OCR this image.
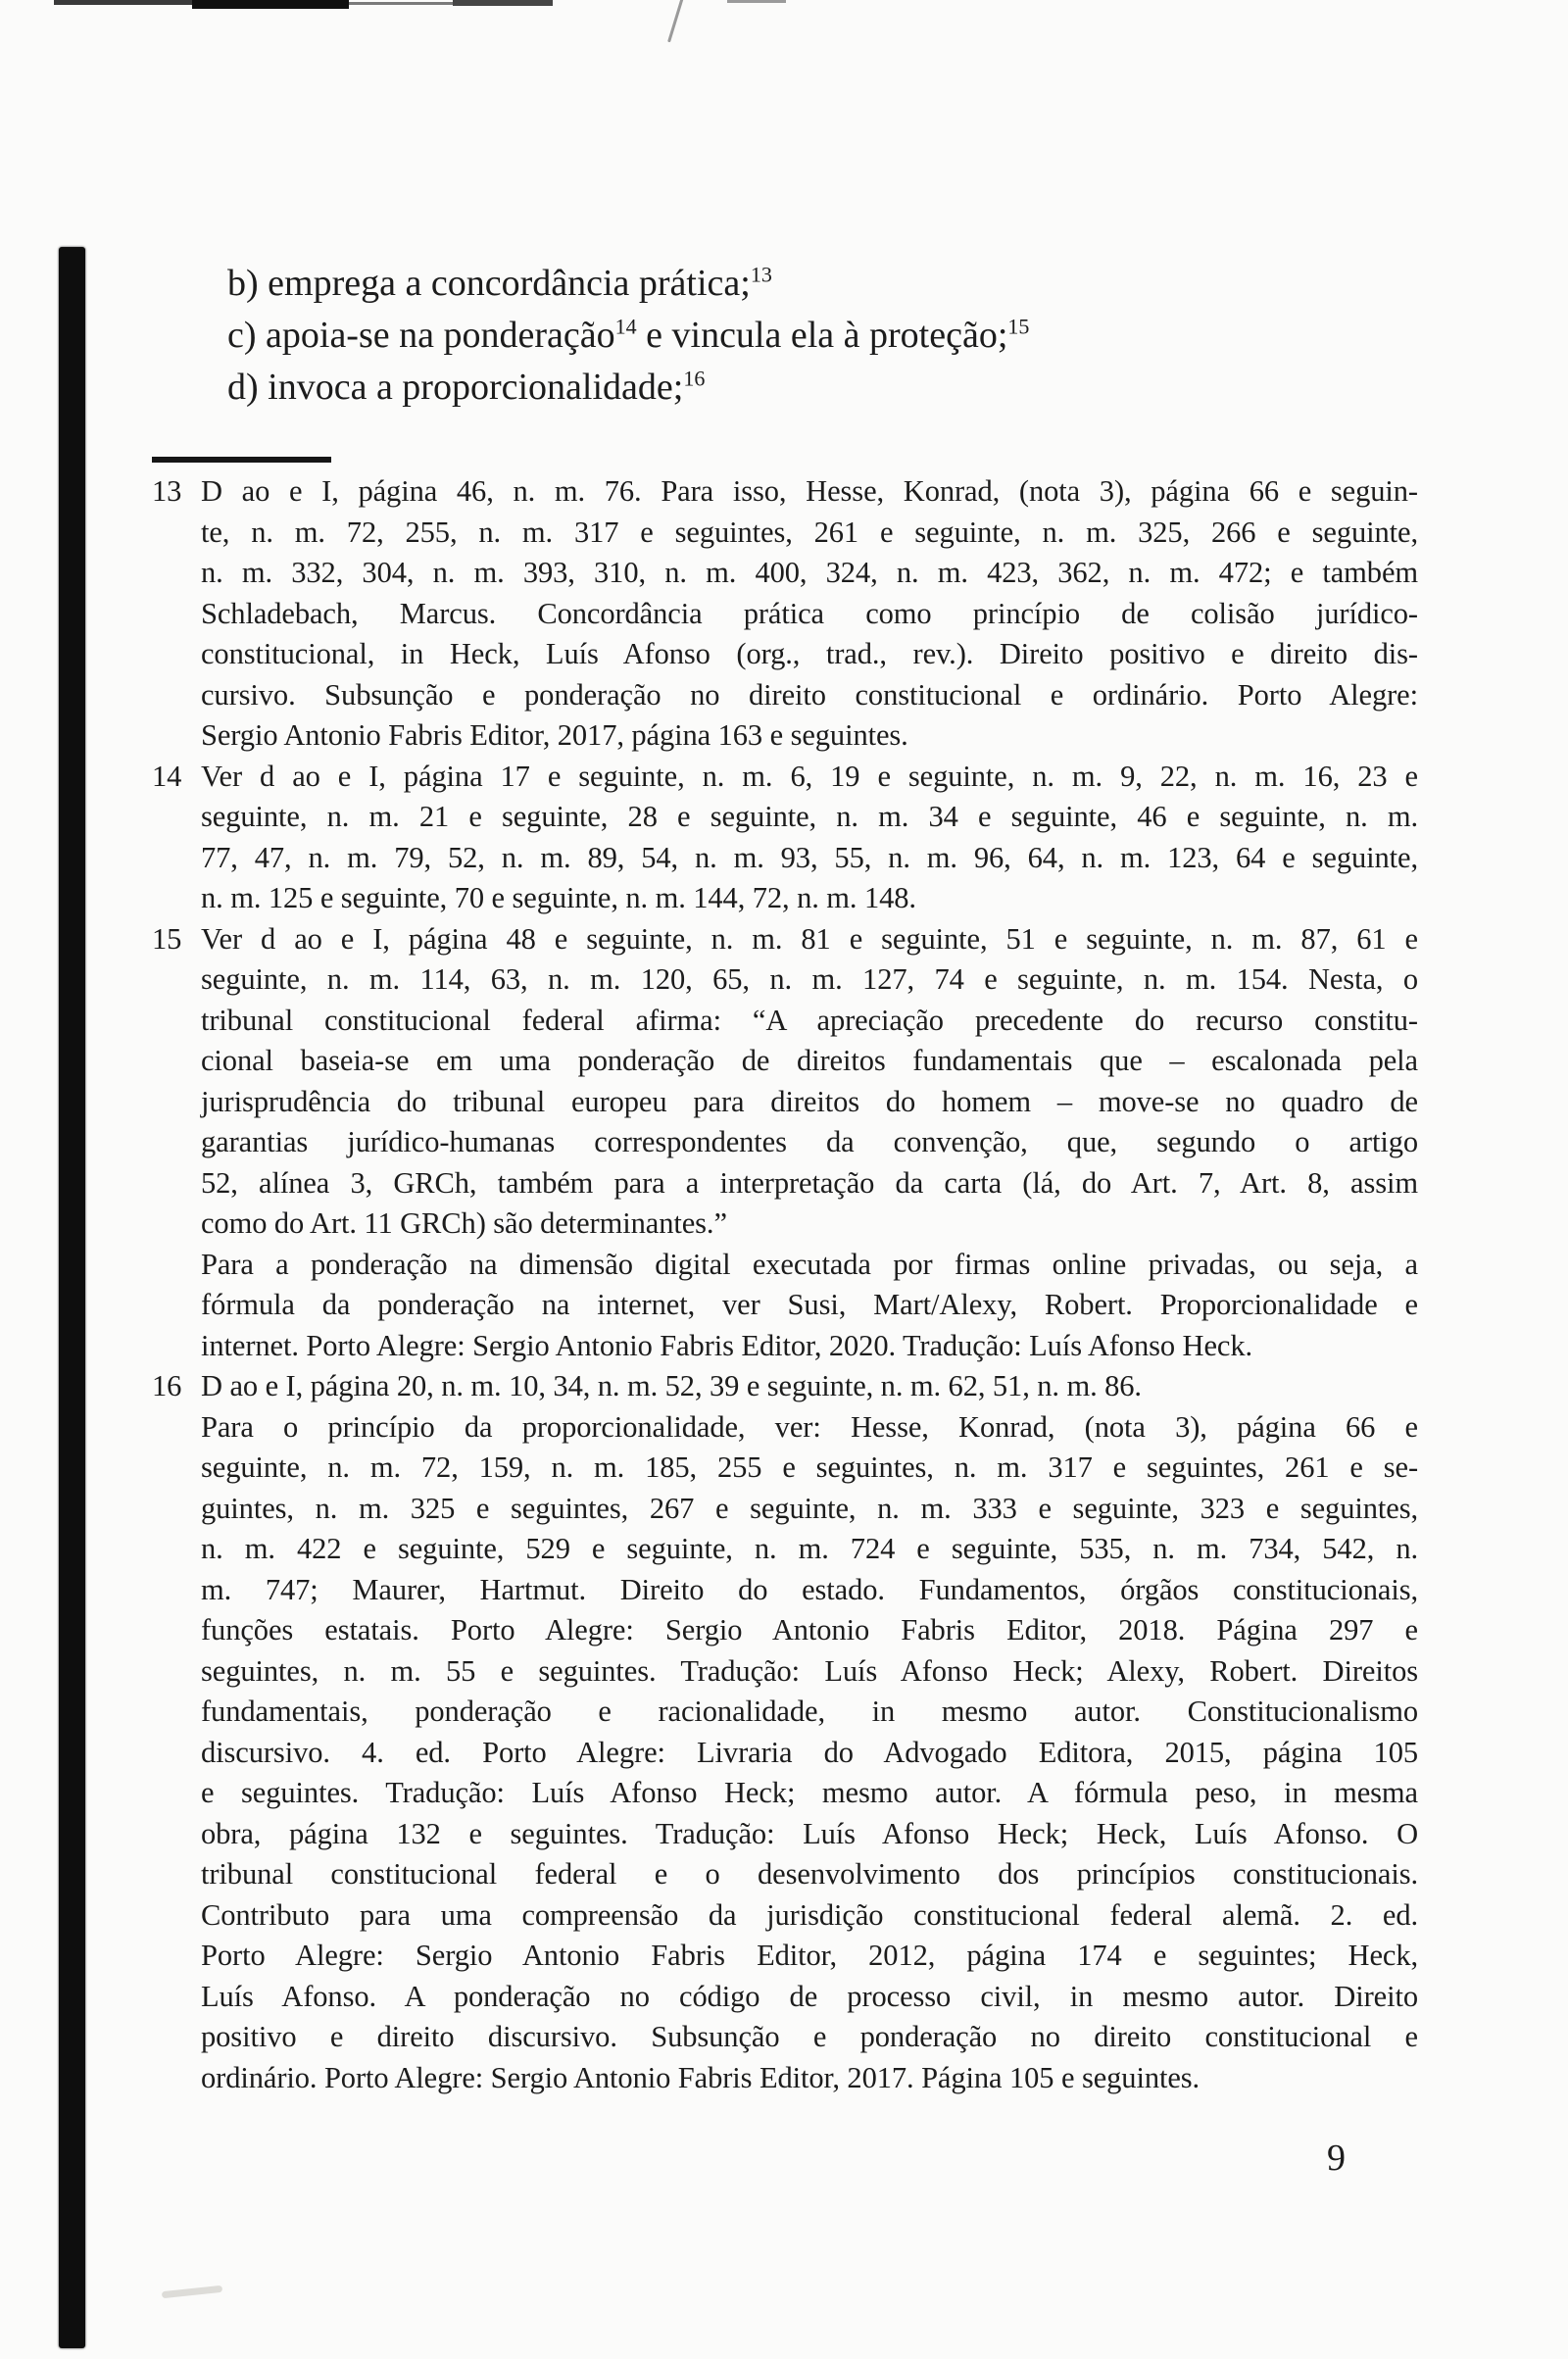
b) emprega a concordância prática;$^{13}$
c) apoia-se na ponderação$^{14}$ e vincula ela à proteção;$^{15}$
d) invoca a proporcionalidade;$^{16}$
13 D ao e I, página 46, n. m. 76. Para isso, Hesse, Konrad, (nota 3), página 66 e seguin-
te, n. m. 72, 255, n. m. 317 e seguintes, 261 e seguinte, n. m. 325, 266 e seguinte,
n. m. 332, 304, n. m. 393, 310, n. m. 400, 324, n. m. 423, 362, n. m. 472; e também
Schladebach, Marcus. Concordância prática como princípio de colisão jurídico-
constitucional, in Heck, Luís Afonso (org., trad., rev.). Direito positivo e direito dis-
cursivo. Subsunção e ponderação no direito constitucional e ordinário. Porto Alegre:
Sergio Antonio Fabris Editor, 2017, página 163 e seguintes.
14 Ver d ao e I, página 17 e seguinte, n. m. 6, 19 e seguinte, n. m. 9, 22, n. m. 16, 23 e
seguinte, n. m. 21 e seguinte, 28 e seguinte, n. m. 34 e seguinte, 46 e seguinte, n. m.
77, 47, n. m. 79, 52, n. m. 89, 54, n. m. 93, 55, n. m. 96, 64, n. m. 123, 64 e seguinte,
n. m. 125 e seguinte, 70 e seguinte, n. m. 144, 72, n. m. 148.
15 Ver d ao e I, página 48 e seguinte, n. m. 81 e seguinte, 51 e seguinte, n. m. 87, 61 e
seguinte, n. m. 114, 63, n. m. 120, 65, n. m. 127, 74 e seguinte, n. m. 154. Nesta, o
tribunal constitucional federal afirma: “A apreciação precedente do recurso constitu-
cional baseia-se em uma ponderação de direitos fundamentais que – escalonada pela
jurisprudência do tribunal europeu para direitos do homem – move-se no quadro de
garantias jurídico-humanas correspondentes da convenção, que, segundo o artigo
52, alínea 3, GRCh, também para a interpretação da carta (lá, do Art. 7, Art. 8, assim
como do Art. 11 GRCh) são determinantes.”
Para a ponderação na dimensão digital executada por firmas online privadas, ou seja, a
fórmula da ponderação na internet, ver Susi, Mart/Alexy, Robert. Proporcionalidade e
internet. Porto Alegre: Sergio Antonio Fabris Editor, 2020. Tradução: Luís Afonso Heck.
16 D ao e I, página 20, n. m. 10, 34, n. m. 52, 39 e seguinte, n. m. 62, 51, n. m. 86.
Para o princípio da proporcionalidade, ver: Hesse, Konrad, (nota 3), página 66 e
seguinte, n. m. 72, 159, n. m. 185, 255 e seguintes, n. m. 317 e seguintes, 261 e se-
guintes, n. m. 325 e seguintes, 267 e seguinte, n. m. 333 e seguinte, 323 e seguintes,
n. m. 422 e seguinte, 529 e seguinte, n. m. 724 e seguinte, 535, n. m. 734, 542, n.
m. 747; Maurer, Hartmut. Direito do estado. Fundamentos, órgãos constitucionais,
funções estatais. Porto Alegre: Sergio Antonio Fabris Editor, 2018. Página 297 e
seguintes, n. m. 55 e seguintes. Tradução: Luís Afonso Heck; Alexy, Robert. Direitos
fundamentais, ponderação e racionalidade, in mesmo autor. Constitucionalismo
discursivo. 4. ed. Porto Alegre: Livraria do Advogado Editora, 2015, página 105
e seguintes. Tradução: Luís Afonso Heck; mesmo autor. A fórmula peso, in mesma
obra, página 132 e seguintes. Tradução: Luís Afonso Heck; Heck, Luís Afonso. O
tribunal constitucional federal e o desenvolvimento dos princípios constitucionais.
Contributo para uma compreensão da jurisdição constitucional federal alemã. 2. ed.
Porto Alegre: Sergio Antonio Fabris Editor, 2012, página 174 e seguintes; Heck,
Luís Afonso. A ponderação no código de processo civil, in mesmo autor. Direito
positivo e direito discursivo. Subsunção e ponderação no direito constitucional e
ordinário. Porto Alegre: Sergio Antonio Fabris Editor, 2017. Página 105 e seguintes.
9
